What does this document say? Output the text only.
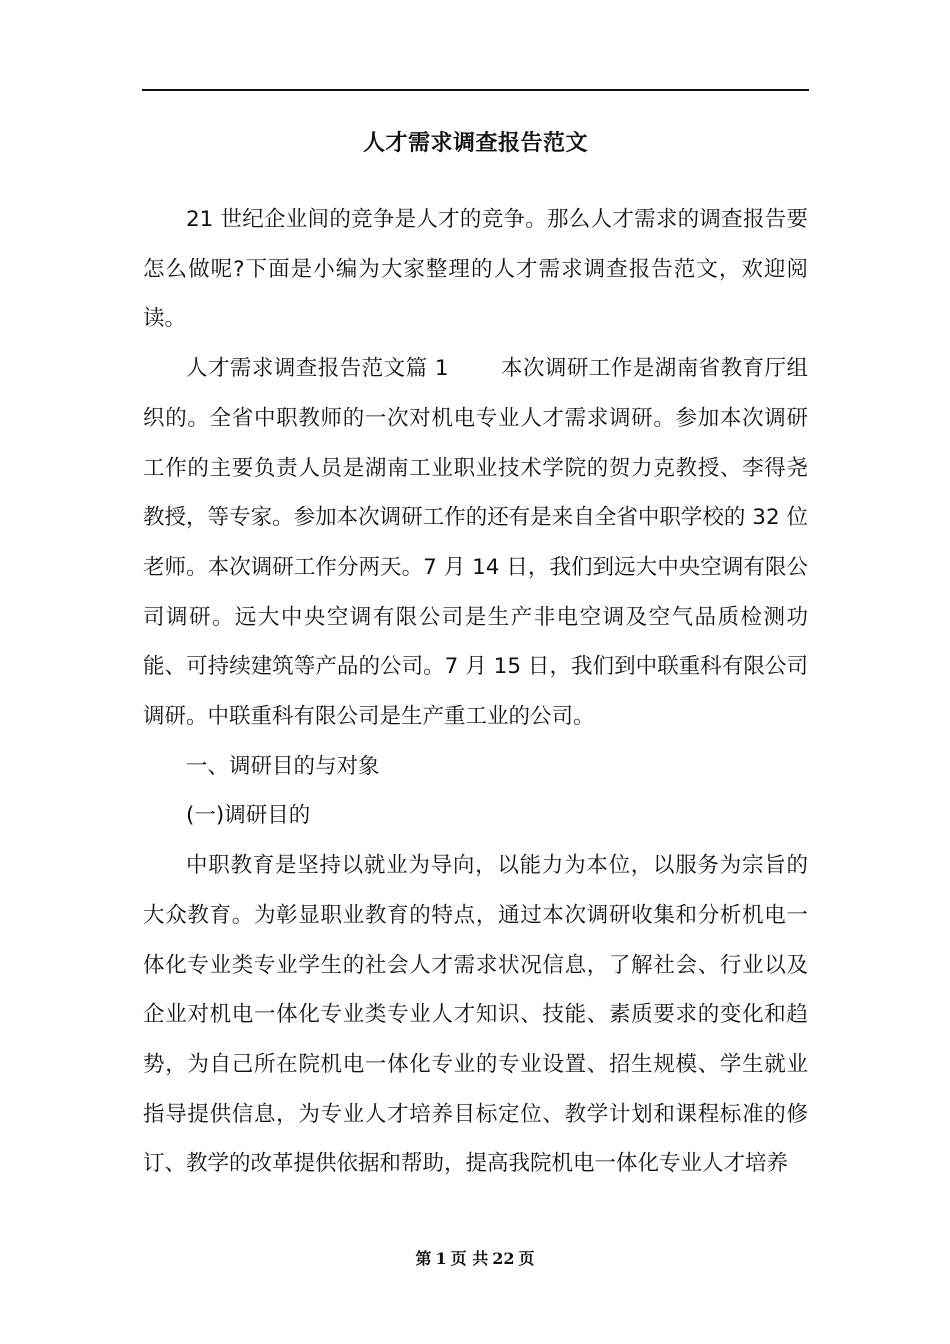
人才需求调查报告范文

21 世纪企业间的竞争是人才的竞争。那么人才需求的调查报告要怎么做呢?下面是小编为大家整理的人才需求调查报告范文，欢迎阅读。

人才需求调查报告范文篇 1 本次调研工作是湖南省教育厅组织的。全省中职教师的一次对机电专业人才需求调研。参加本次调研工作的主要负责人员是湖南工业职业技术学院的贺力克教授、李得尧教授，等专家。参加本次调研工作的还有是来自全省中职学校的 32 位老师。本次调研工作分两天。7 月 14 日，我们到远大中央空调有限公司调研。远大中央空调有限公司是生产非电空调及空气品质检测功能、可持续建筑等产品的公司。7 月 15 日，我们到中联重科有限公司调研。中联重科有限公司是生产重工业的公司。

一、调研目的与对象

(一)调研目的

中职教育是坚持以就业为导向，以能力为本位，以服务为宗旨的大众教育。为彰显职业教育的特点，通过本次调研收集和分析机电一体化专业类专业学生的社会人才需求状况信息，了解社会、行业以及企业对机电一体化专业类专业人才知识、技能、素质要求的变化和趋势，为自己所在院机电一体化专业的专业设置、招生规模、学生就业指导提供信息，为专业人才培养目标定位、教学计划和课程标准的修订、教学的改革提供依据和帮助，提高我院机电一体化专业人才培养

第 1 页 共 22 页
